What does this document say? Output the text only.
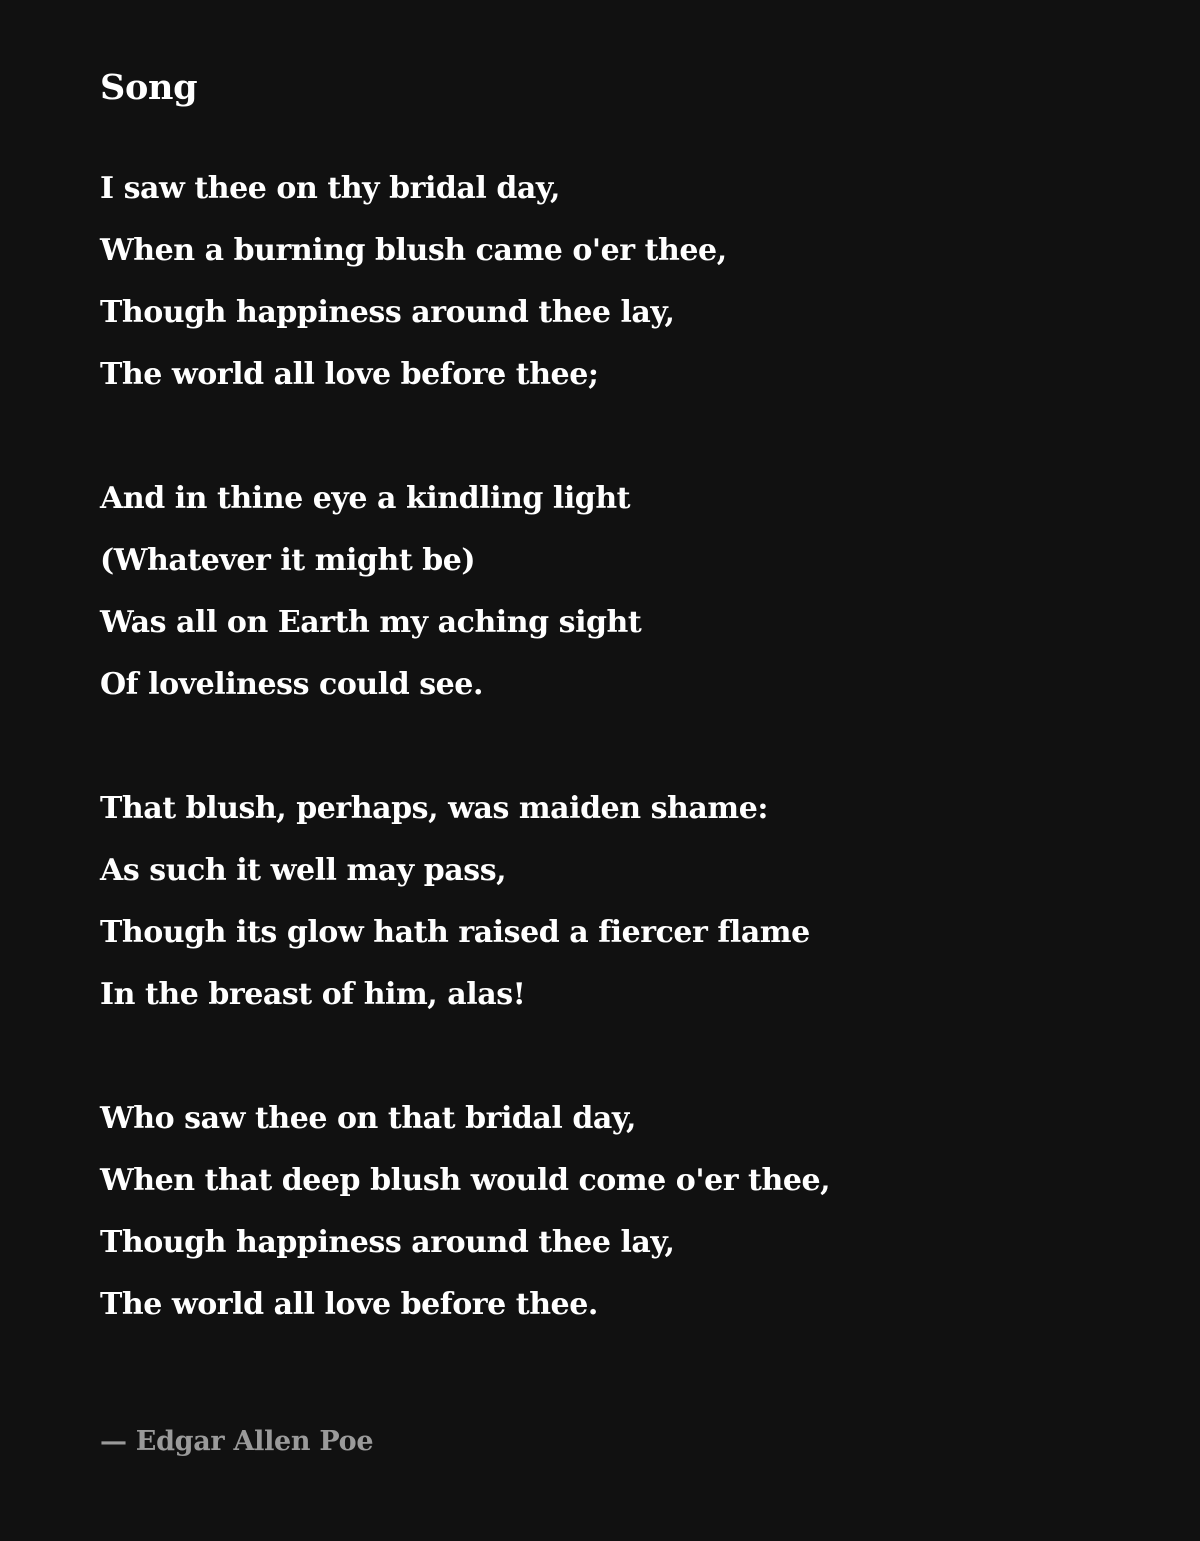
Song
I saw thee on thy bridal day,
When a burning blush came o'er thee,
Though happiness around thee lay,
The world all love before thee;
And in thine eye a kindling light
(Whatever it might be)
Was all on Earth my aching sight
Of loveliness could see.
That blush, perhaps, was maiden shame:
As such it well may pass,
Though its glow hath raised a fiercer flame
In the breast of him, alas!
Who saw thee on that bridal day,
When that deep blush would come o'er thee,
Though happiness around thee lay,
The world all love before thee.
— Edgar Allen Poe
